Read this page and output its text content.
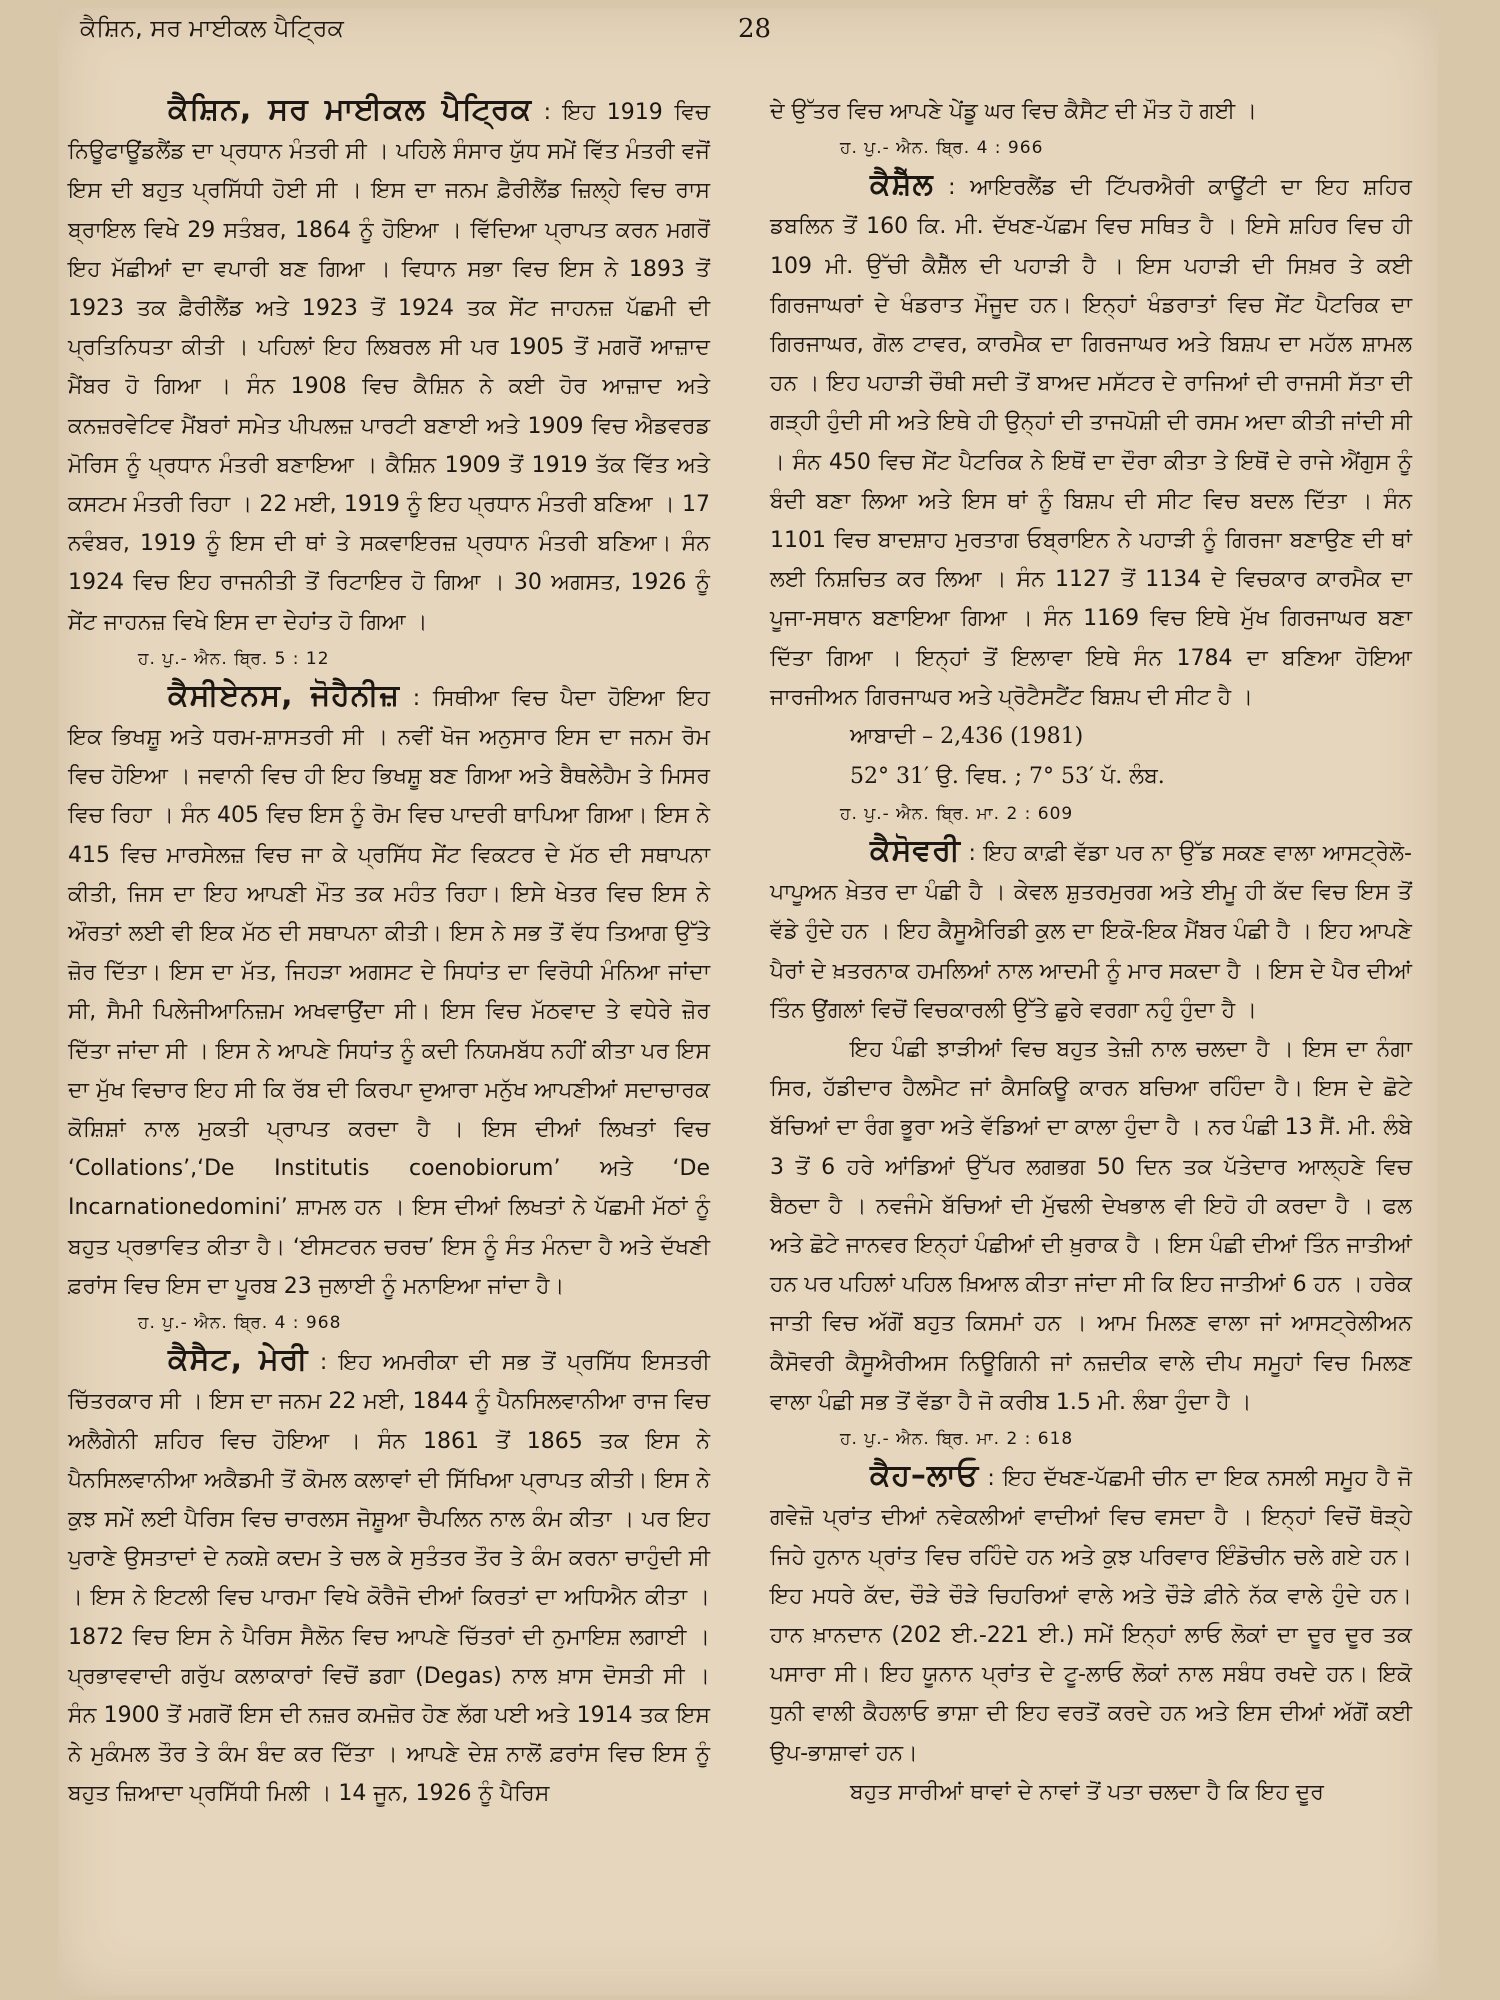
ਕੈਸ਼ਿਨ, ਸਰ ਮਾਈਕਲ ਪੈਟ੍ਰਿਕ	28

ਕੈਸ਼ਿਨ, ਸਰ ਮਾਈਕਲ ਪੈਟ੍ਰਿਕ : ਇਹ 1919 ਵਿਚ ਨਿਊਫਾਊਂਡਲੈਂਡ ਦਾ ਪ੍ਰਧਾਨ ਮੰਤਰੀ ਸੀ । ਪਹਿਲੇ ਸੰਸਾਰ ਯੁੱਧ ਸਮੇਂ ਵਿੱਤ ਮੰਤਰੀ ਵਜੋਂ ਇਸ ਦੀ ਬਹੁਤ ਪ੍ਰਸਿੱਧੀ ਹੋਈ ਸੀ । ਇਸ ਦਾ ਜਨਮ ਫ਼ੈਰੀਲੈਂਡ ਜ਼ਿਲ੍ਹੇ ਵਿਚ ਰਾਸ ਬ੍ਰਾਇਲ ਵਿਖੇ 29 ਸਤੰਬਰ, 1864 ਨੂੰ ਹੋਇਆ । ਵਿੱਦਿਆ ਪ੍ਰਾਪਤ ਕਰਨ ਮਗਰੋਂ ਇਹ ਮੱਛੀਆਂ ਦਾ ਵਪਾਰੀ ਬਣ ਗਿਆ । ਵਿਧਾਨ ਸਭਾ ਵਿਚ ਇਸ ਨੇ 1893 ਤੋਂ 1923 ਤਕ ਫ਼ੈਰੀਲੈਂਡ ਅਤੇ 1923 ਤੋਂ 1924 ਤਕ ਸੇਂਟ ਜਾਹਨਜ਼ ਪੱਛਮੀ ਦੀ ਪ੍ਰਤਿਨਿਧਤਾ ਕੀਤੀ । ਪਹਿਲਾਂ ਇਹ ਲਿਬਰਲ ਸੀ ਪਰ 1905 ਤੋਂ ਮਗਰੋਂ ਆਜ਼ਾਦ ਮੈਂਬਰ ਹੋ ਗਿਆ । ਸੰਨ 1908 ਵਿਚ ਕੈਸ਼ਿਨ ਨੇ ਕਈ ਹੋਰ ਆਜ਼ਾਦ ਅਤੇ ਕਨਜ਼ਰਵੇਟਿਵ ਮੈਂਬਰਾਂ ਸਮੇਤ ਪੀਪਲਜ਼ ਪਾਰਟੀ ਬਣਾਈ ਅਤੇ 1909 ਵਿਚ ਐਡਵਰਡ ਮੋਰਿਸ ਨੂੰ ਪ੍ਰਧਾਨ ਮੰਤਰੀ ਬਣਾਇਆ । ਕੈਸ਼ਿਨ 1909 ਤੋਂ 1919 ਤੱਕ ਵਿੱਤ ਅਤੇ ਕਸਟਮ ਮੰਤਰੀ ਰਿਹਾ । 22 ਮਈ, 1919 ਨੂੰ ਇਹ ਪ੍ਰਧਾਨ ਮੰਤਰੀ ਬਣਿਆ । 17 ਨਵੰਬਰ, 1919 ਨੂੰ ਇਸ ਦੀ ਥਾਂ ਤੇ ਸਕਵਾਇਰਜ਼ ਪ੍ਰਧਾਨ ਮੰਤਰੀ ਬਣਿਆ। ਸੰਨ 1924 ਵਿਚ ਇਹ ਰਾਜਨੀਤੀ ਤੋਂ ਰਿਟਾਇਰ ਹੋ ਗਿਆ । 30 ਅਗਸਤ, 1926 ਨੂੰ ਸੇਂਟ ਜਾਹਨਜ਼ ਵਿਖੇ ਇਸ ਦਾ ਦੇਹਾਂਤ ਹੋ ਗਿਆ ।

ਹ. ਪੁ.- ਐਨ. ਬ੍ਰਿ. 5 : 12

ਕੈਸੀਏਨਸ, ਜੋਹੈਨੀਜ਼ : ਸਿਥੀਆ ਵਿਚ ਪੈਦਾ ਹੋਇਆ ਇਹ ਇਕ ਭਿਖਸ਼ੂ ਅਤੇ ਧਰਮ-ਸ਼ਾਸਤਰੀ ਸੀ । ਨਵੀਂ ਖੋਜ ਅਨੁਸਾਰ ਇਸ ਦਾ ਜਨਮ ਰੋਮ ਵਿਚ ਹੋਇਆ । ਜਵਾਨੀ ਵਿਚ ਹੀ ਇਹ ਭਿਖਸ਼ੂ ਬਣ ਗਿਆ ਅਤੇ ਬੈਥਲੇਹੈਮ ਤੇ ਮਿਸਰ ਵਿਚ ਰਿਹਾ । ਸੰਨ 405 ਵਿਚ ਇਸ ਨੂੰ ਰੋਮ ਵਿਚ ਪਾਦਰੀ ਥਾਪਿਆ ਗਿਆ। ਇਸ ਨੇ 415 ਵਿਚ ਮਾਰਸੇਲਜ਼ ਵਿਚ ਜਾ ਕੇ ਪ੍ਰਸਿੱਧ ਸੇਂਟ ਵਿਕਟਰ ਦੇ ਮੱਠ ਦੀ ਸਥਾਪਨਾ ਕੀਤੀ, ਜਿਸ ਦਾ ਇਹ ਆਪਣੀ ਮੌਤ ਤਕ ਮਹੰਤ ਰਿਹਾ। ਇਸੇ ਖੇਤਰ ਵਿਚ ਇਸ ਨੇ ਔਰਤਾਂ ਲਈ ਵੀ ਇਕ ਮੱਠ ਦੀ ਸਥਾਪਨਾ ਕੀਤੀ। ਇਸ ਨੇ ਸਭ ਤੋਂ ਵੱਧ ਤਿਆਗ ਉੱਤੇ ਜ਼ੋਰ ਦਿੱਤਾ। ਇਸ ਦਾ ਮੱਤ, ਜਿਹੜਾ ਅਗਸਟ ਦੇ ਸਿਧਾਂਤ ਦਾ ਵਿਰੋਧੀ ਮੰਨਿਆ ਜਾਂਦਾ ਸੀ, ਸੈਮੀ ਪਿਲੇਜੀਆਨਿਜ਼ਮ ਅਖਵਾਉਂਦਾ ਸੀ। ਇਸ ਵਿਚ ਮੱਠਵਾਦ ਤੇ ਵਧੇਰੇ ਜ਼ੋਰ ਦਿੱਤਾ ਜਾਂਦਾ ਸੀ । ਇਸ ਨੇ ਆਪਣੇ ਸਿਧਾਂਤ ਨੂੰ ਕਦੀ ਨਿਯਮਬੱਧ ਨਹੀਂ ਕੀਤਾ ਪਰ ਇਸ ਦਾ ਮੁੱਖ ਵਿਚਾਰ ਇਹ ਸੀ ਕਿ ਰੱਬ ਦੀ ਕਿਰਪਾ ਦੁਆਰਾ ਮਨੁੱਖ ਆਪਣੀਆਂ ਸਦਾਚਾਰਕ ਕੋਸ਼ਿਸ਼ਾਂ ਨਾਲ ਮੁਕਤੀ ਪ੍ਰਾਪਤ ਕਰਦਾ ਹੈ । ਇਸ ਦੀਆਂ ਲਿਖਤਾਂ ਵਿਚ ‘Collations’,‘De Institutis coenobiorum’ ਅਤੇ ‘De Incarnationedomini’ ਸ਼ਾਮਲ ਹਨ । ਇਸ ਦੀਆਂ ਲਿਖਤਾਂ ਨੇ ਪੱਛਮੀ ਮੱਠਾਂ ਨੂੰ ਬਹੁਤ ਪ੍ਰਭਾਵਿਤ ਕੀਤਾ ਹੈ। ‘ਈਸਟਰਨ ਚਰਚ’ ਇਸ ਨੂੰ ਸੰਤ ਮੰਨਦਾ ਹੈ ਅਤੇ ਦੱਖਣੀ ਫ਼ਰਾਂਸ ਵਿਚ ਇਸ ਦਾ ਪੂਰਬ 23 ਜੁਲਾਈ ਨੂੰ ਮਨਾਇਆ ਜਾਂਦਾ ਹੈ।

ਹ. ਪੁ.- ਐਨ. ਬ੍ਰਿ. 4 : 968

ਕੈਸੈਟ, ਮੇਰੀ : ਇਹ ਅਮਰੀਕਾ ਦੀ ਸਭ ਤੋਂ ਪ੍ਰਸਿੱਧ ਇਸਤਰੀ ਚਿੱਤਰਕਾਰ ਸੀ । ਇਸ ਦਾ ਜਨਮ 22 ਮਈ, 1844 ਨੂੰ ਪੈਨਸਿਲਵਾਨੀਆ ਰਾਜ ਵਿਚ ਅਲੈਗੇਨੀ ਸ਼ਹਿਰ ਵਿਚ ਹੋਇਆ । ਸੰਨ 1861 ਤੋਂ 1865 ਤਕ ਇਸ ਨੇ ਪੈਨਸਿਲਵਾਨੀਆ ਅਕੈਡਮੀ ਤੋਂ ਕੋਮਲ ਕਲਾਵਾਂ ਦੀ ਸਿੱਖਿਆ ਪ੍ਰਾਪਤ ਕੀਤੀ। ਇਸ ਨੇ ਕੁਝ ਸਮੇਂ ਲਈ ਪੈਰਿਸ ਵਿਚ ਚਾਰਲਸ ਜੋਸ਼ੂਆ ਚੈਪਲਿਨ ਨਾਲ ਕੰਮ ਕੀਤਾ । ਪਰ ਇਹ ਪੁਰਾਣੇ ਉਸਤਾਦਾਂ ਦੇ ਨਕਸ਼ੇ ਕਦਮ ਤੇ ਚਲ ਕੇ ਸੁਤੰਤਰ ਤੌਰ ਤੇ ਕੰਮ ਕਰਨਾ ਚਾਹੁੰਦੀ ਸੀ । ਇਸ ਨੇ ਇਟਲੀ ਵਿਚ ਪਾਰਮਾ ਵਿਖੇ ਕੋਰੈਜੋ ਦੀਆਂ ਕਿਰਤਾਂ ਦਾ ਅਧਿਐਨ ਕੀਤਾ । 1872 ਵਿਚ ਇਸ ਨੇ ਪੈਰਿਸ ਸੈਲੋਨ ਵਿਚ ਆਪਣੇ ਚਿੱਤਰਾਂ ਦੀ ਨੁਮਾਇਸ਼ ਲਗਾਈ । ਪ੍ਰਭਾਵਵਾਦੀ ਗਰੁੱਪ ਕਲਾਕਾਰਾਂ ਵਿਚੋਂ ਡਗਾ (Degas) ਨਾਲ ਖ਼ਾਸ ਦੋਸਤੀ ਸੀ । ਸੰਨ 1900 ਤੋਂ ਮਗਰੋਂ ਇਸ ਦੀ ਨਜ਼ਰ ਕਮਜ਼ੋਰ ਹੋਣ ਲੱਗ ਪਈ ਅਤੇ 1914 ਤਕ ਇਸ ਨੇ ਮੁਕੰਮਲ ਤੌਰ ਤੇ ਕੰਮ ਬੰਦ ਕਰ ਦਿੱਤਾ । ਆਪਣੇ ਦੇਸ਼ ਨਾਲੋਂ ਫ਼ਰਾਂਸ ਵਿਚ ਇਸ ਨੂੰ ਬਹੁਤ ਜ਼ਿਆਦਾ ਪ੍ਰਸਿੱਧੀ ਮਿਲੀ । 14 ਜੂਨ, 1926 ਨੂੰ ਪੈਰਿਸ

ਦੇ ਉੱਤਰ ਵਿਚ ਆਪਣੇ ਪੇਂਡੂ ਘਰ ਵਿਚ ਕੈਸੈਟ ਦੀ ਮੌਤ ਹੋ ਗਈ ।

ਹ. ਪੁ.- ਐਨ. ਬ੍ਰਿ. 4 : 966

ਕੈਸ਼ੈੱਲ : ਆਇਰਲੈਂਡ ਦੀ ਟਿੱਪਰਐਰੀ ਕਾਊਂਟੀ ਦਾ ਇਹ ਸ਼ਹਿਰ ਡਬਲਿਨ ਤੋਂ 160 ਕਿ. ਮੀ. ਦੱਖਣ-ਪੱਛਮ ਵਿਚ ਸਥਿਤ ਹੈ । ਇਸੇ ਸ਼ਹਿਰ ਵਿਚ ਹੀ 109 ਮੀ. ਉੱਚੀ ਕੈਸ਼ੈੱਲ ਦੀ ਪਹਾੜੀ ਹੈ । ਇਸ ਪਹਾੜੀ ਦੀ ਸਿਖ਼ਰ ਤੇ ਕਈ ਗਿਰਜਾਘਰਾਂ ਦੇ ਖੰਡਰਾਤ ਮੌਜੂਦ ਹਨ। ਇਨ੍ਹਾਂ ਖੰਡਰਾਤਾਂ ਵਿਚ ਸੇਂਟ ਪੈਟਰਿਕ ਦਾ ਗਿਰਜਾਘਰ, ਗੋਲ ਟਾਵਰ, ਕਾਰਮੈਕ ਦਾ ਗਿਰਜਾਘਰ ਅਤੇ ਬਿਸ਼ਪ ਦਾ ਮਹੱਲ ਸ਼ਾਮਲ ਹਨ । ਇਹ ਪਹਾੜੀ ਚੌਥੀ ਸਦੀ ਤੋਂ ਬਾਅਦ ਮਸੱਟਰ ਦੇ ਰਾਜਿਆਂ ਦੀ ਰਾਜਸੀ ਸੱਤਾ ਦੀ ਗੜ੍ਹੀ ਹੁੰਦੀ ਸੀ ਅਤੇ ਇਥੇ ਹੀ ਉਨ੍ਹਾਂ ਦੀ ਤਾਜਪੋਸ਼ੀ ਦੀ ਰਸਮ ਅਦਾ ਕੀਤੀ ਜਾਂਦੀ ਸੀ । ਸੰਨ 450 ਵਿਚ ਸੇਂਟ ਪੈਟਰਿਕ ਨੇ ਇਥੋਂ ਦਾ ਦੌਰਾ ਕੀਤਾ ਤੇ ਇਥੋਂ ਦੇ ਰਾਜੇ ਐਂਗੁਸ ਨੂੰ ਬੰਦੀ ਬਣਾ ਲਿਆ ਅਤੇ ਇਸ ਥਾਂ ਨੂੰ ਬਿਸ਼ਪ ਦੀ ਸੀਟ ਵਿਚ ਬਦਲ ਦਿੱਤਾ । ਸੰਨ 1101 ਵਿਚ ਬਾਦਸ਼ਾਹ ਮੁਰਤਾਗ ਓਬ੍ਰਾਇਨ ਨੇ ਪਹਾੜੀ ਨੂੰ ਗਿਰਜਾ ਬਣਾਉਣ ਦੀ ਥਾਂ ਲਈ ਨਿਸ਼ਚਿਤ ਕਰ ਲਿਆ । ਸੰਨ 1127 ਤੋਂ 1134 ਦੇ ਵਿਚਕਾਰ ਕਾਰਮੈਕ ਦਾ ਪੂਜਾ-ਸਥਾਨ ਬਣਾਇਆ ਗਿਆ । ਸੰਨ 1169 ਵਿਚ ਇਥੇ ਮੁੱਖ ਗਿਰਜਾਘਰ ਬਣਾ ਦਿੱਤਾ ਗਿਆ । ਇਨ੍ਹਾਂ ਤੋਂ ਇਲਾਵਾ ਇਥੇ ਸੰਨ 1784 ਦਾ ਬਣਿਆ ਹੋਇਆ ਜਾਰਜੀਅਨ ਗਿਰਜਾਘਰ ਅਤੇ ਪ੍ਰੋਟੈਸਟੈਂਟ ਬਿਸ਼ਪ ਦੀ ਸੀਟ ਹੈ ।

ਆਬਾਦੀ – 2,436 (1981)
52° 31′ ਉ. ਵਿਥ. ; 7° 53′ ਪੱ. ਲੰਬ.
ਹ. ਪੁ.- ਐਨ. ਬ੍ਰਿ. ਮਾ. 2 : 609

ਕੈਸੋਵਰੀ : ਇਹ ਕਾਫ਼ੀ ਵੱਡਾ ਪਰ ਨਾ ਉੱਡ ਸਕਣ ਵਾਲਾ ਆਸਟ੍ਰੇਲੋ-ਪਾਪੂਅਨ ਖ਼ੇਤਰ ਦਾ ਪੰਛੀ ਹੈ । ਕੇਵਲ ਸ਼ੁਤਰਮੁਰਗ ਅਤੇ ਈਮੂ ਹੀ ਕੱਦ ਵਿਚ ਇਸ ਤੋਂ ਵੱਡੇ ਹੁੰਦੇ ਹਨ । ਇਹ ਕੈਸੂਐਰਿਡੀ ਕੁਲ ਦਾ ਇਕੋ-ਇਕ ਮੈਂਬਰ ਪੰਛੀ ਹੈ । ਇਹ ਆਪਣੇ ਪੈਰਾਂ ਦੇ ਖ਼ਤਰਨਾਕ ਹਮਲਿਆਂ ਨਾਲ ਆਦਮੀ ਨੂੰ ਮਾਰ ਸਕਦਾ ਹੈ । ਇਸ ਦੇ ਪੈਰ ਦੀਆਂ ਤਿੰਨ ਉਂਗਲਾਂ ਵਿਚੋਂ ਵਿਚਕਾਰਲੀ ਉੱਤੇ ਛੁਰੇ ਵਰਗਾ ਨਹੁੰ ਹੁੰਦਾ ਹੈ ।

ਇਹ ਪੰਛੀ ਝਾੜੀਆਂ ਵਿਚ ਬਹੁਤ ਤੇਜ਼ੀ ਨਾਲ ਚਲਦਾ ਹੈ । ਇਸ ਦਾ ਨੰਗਾ ਸਿਰ, ਹੱਡੀਦਾਰ ਹੈਲਮੈਟ ਜਾਂ ਕੈਸਕਿਊ ਕਾਰਨ ਬਚਿਆ ਰਹਿੰਦਾ ਹੈ। ਇਸ ਦੇ ਛੋਟੇ ਬੱਚਿਆਂ ਦਾ ਰੰਗ ਭੂਰਾ ਅਤੇ ਵੱਡਿਆਂ ਦਾ ਕਾਲਾ ਹੁੰਦਾ ਹੈ । ਨਰ ਪੰਛੀ 13 ਸੈਂ. ਮੀ. ਲੰਬੇ 3 ਤੋਂ 6 ਹਰੇ ਆਂਡਿਆਂ ਉੱਪਰ ਲਗਭਗ 50 ਦਿਨ ਤਕ ਪੱਤੇਦਾਰ ਆਲ੍ਹਣੇ ਵਿਚ ਬੈਠਦਾ ਹੈ । ਨਵਜੰਮੇ ਬੱਚਿਆਂ ਦੀ ਮੁੱਢਲੀ ਦੇਖਭਾਲ ਵੀ ਇਹੋ ਹੀ ਕਰਦਾ ਹੈ । ਫਲ ਅਤੇ ਛੋਟੇ ਜਾਨਵਰ ਇਨ੍ਹਾਂ ਪੰਛੀਆਂ ਦੀ ਖ਼ੁਰਾਕ ਹੈ । ਇਸ ਪੰਛੀ ਦੀਆਂ ਤਿੰਨ ਜਾਤੀਆਂ ਹਨ ਪਰ ਪਹਿਲਾਂ ਪਹਿਲ ਖ਼ਿਆਲ ਕੀਤਾ ਜਾਂਦਾ ਸੀ ਕਿ ਇਹ ਜਾਤੀਆਂ 6 ਹਨ । ਹਰੇਕ ਜਾਤੀ ਵਿਚ ਅੱਗੋਂ ਬਹੁਤ ਕਿਸਮਾਂ ਹਨ । ਆਮ ਮਿਲਣ ਵਾਲਾ ਜਾਂ ਆਸਟ੍ਰੇਲੀਅਨ ਕੈਸੋਵਰੀ ਕੈਸੂਐਰੀਅਸ ਨਿਊਗਿਨੀ ਜਾਂ ਨਜ਼ਦੀਕ ਵਾਲੇ ਦੀਪ ਸਮੂਹਾਂ ਵਿਚ ਮਿਲਣ ਵਾਲਾ ਪੰਛੀ ਸਭ ਤੋਂ ਵੱਡਾ ਹੈ ਜੋ ਕਰੀਬ 1.5 ਮੀ. ਲੰਬਾ ਹੁੰਦਾ ਹੈ ।

ਹ. ਪੁ.- ਐਨ. ਬ੍ਰਿ. ਮਾ. 2 : 618

ਕੈਹ–ਲਾਓ : ਇਹ ਦੱਖਣ-ਪੱਛਮੀ ਚੀਨ ਦਾ ਇਕ ਨਸਲੀ ਸਮੂਹ ਹੈ ਜੋ ਗਵੇਜ਼ੋ ਪ੍ਰਾਂਤ ਦੀਆਂ ਨਵੇਕਲੀਆਂ ਵਾਦੀਆਂ ਵਿਚ ਵਸਦਾ ਹੈ । ਇਨ੍ਹਾਂ ਵਿਚੋਂ ਥੋੜ੍ਹੇ ਜਿਹੇ ਹੁਨਾਨ ਪ੍ਰਾਂਤ ਵਿਚ ਰਹਿੰਦੇ ਹਨ ਅਤੇ ਕੁਝ ਪਰਿਵਾਰ ਇੰਡੋਚੀਨ ਚਲੇ ਗਏ ਹਨ। ਇਹ ਮਧਰੇ ਕੱਦ, ਚੌੜੇ ਚੌੜੇ ਚਿਹਰਿਆਂ ਵਾਲੇ ਅਤੇ ਚੌੜੇ ਫ਼ੀਨੇ ਨੱਕ ਵਾਲੇ ਹੁੰਦੇ ਹਨ। ਹਾਨ ਖ਼ਾਨਦਾਨ (202 ਈ.-221 ਈ.) ਸਮੇਂ ਇਨ੍ਹਾਂ ਲਾਓ ਲੋਕਾਂ ਦਾ ਦੂਰ ਦੂਰ ਤਕ ਪਸਾਰਾ ਸੀ। ਇਹ ਯੂਨਾਨ ਪ੍ਰਾਂਤ ਦੇ ਟੂ-ਲਾਓ ਲੋਕਾਂ ਨਾਲ ਸਬੰਧ ਰਖਦੇ ਹਨ। ਇਕੋ ਧੁਨੀ ਵਾਲੀ ਕੈਹਲਾਓ ਭਾਸ਼ਾ ਦੀ ਇਹ ਵਰਤੋਂ ਕਰਦੇ ਹਨ ਅਤੇ ਇਸ ਦੀਆਂ ਅੱਗੋਂ ਕਈ ਉਪ-ਭਾਸ਼ਾਵਾਂ ਹਨ।

ਬਹੁਤ ਸਾਰੀਆਂ ਥਾਵਾਂ ਦੇ ਨਾਵਾਂ ਤੋਂ ਪਤਾ ਚਲਦਾ ਹੈ ਕਿ ਇਹ ਦੂਰ
